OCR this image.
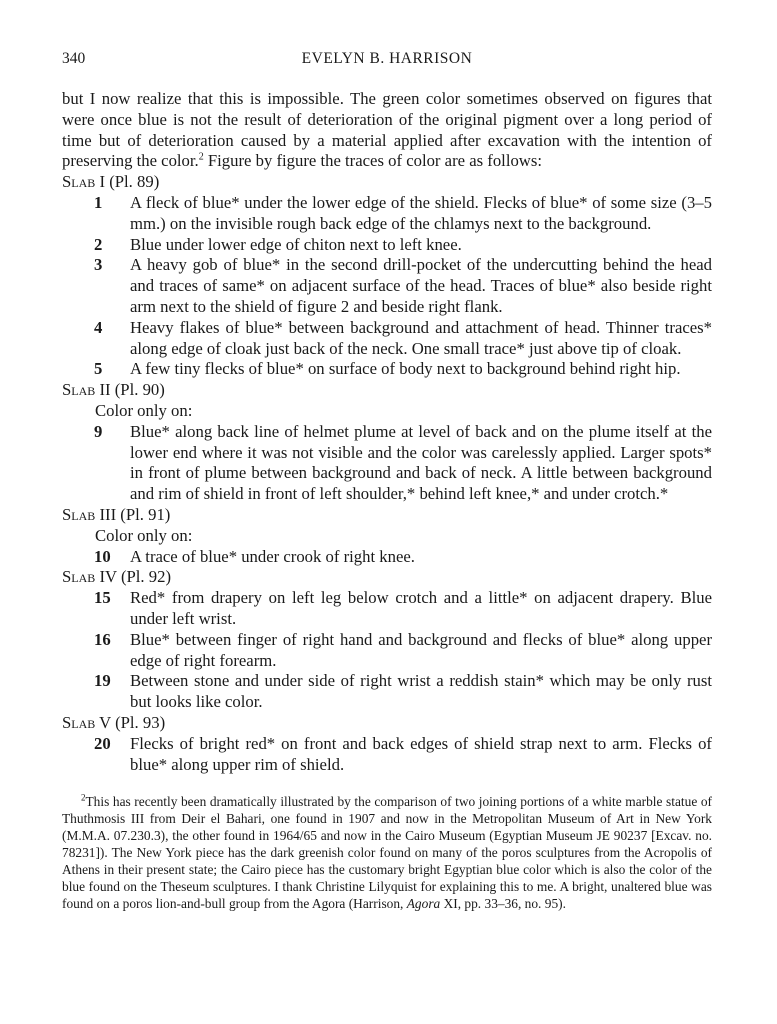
340	EVELYN B. HARRISON

but I now realize that this is impossible. The green color sometimes observed on figures that were once blue is not the result of deterioration of the original pigment over a long period of time but of deterioration caused by a material applied after excavation with the intention of preserving the color.$^2$ Figure by figure the traces of color are as follows:

Slab I (Pl. 89)

1	A fleck of blue* under the lower edge of the shield. Flecks of blue* of some size (3–5 mm.) on the invisible rough back edge of the chlamys next to the background.
2	Blue under lower edge of chiton next to left knee.
3	A heavy gob of blue* in the second drill-pocket of the undercutting behind the head and traces of same* on adjacent surface of the head. Traces of blue* also beside right arm next to the shield of figure 2 and beside right flank.
4	Heavy flakes of blue* between background and attachment of head. Thinner traces* along edge of cloak just back of the neck. One small trace* just above tip of cloak.
5	A few tiny flecks of blue* on surface of body next to background behind right hip.

Slab II (Pl. 90)

Color only on:

9	Blue* along back line of helmet plume at level of back and on the plume itself at the lower end where it was not visible and the color was carelessly applied. Larger spots* in front of plume between background and back of neck. A little between background and rim of shield in front of left shoulder,* behind left knee,* and under crotch.*

Slab III (Pl. 91)

Color only on:

10	A trace of blue* under crook of right knee.

Slab IV (Pl. 92)

15	Red* from drapery on left leg below crotch and a little* on adjacent drapery. Blue under left wrist.
16	Blue* between finger of right hand and background and flecks of blue* along upper edge of right forearm.
19	Between stone and under side of right wrist a reddish stain* which may be only rust but looks like color.

Slab V (Pl. 93)

20	Flecks of bright red* on front and back edges of shield strap next to arm. Flecks of blue* along upper rim of shield.
$^2$This has recently been dramatically illustrated by the comparison of two joining portions of a white marble statue of Thuthmosis III from Deir el Bahari, one found in 1907 and now in the Metropolitan Museum of Art in New York (M.M.A. 07.230.3), the other found in 1964/65 and now in the Cairo Museum (Egyptian Museum JE 90237 [Excav. no. 78231]). The New York piece has the dark greenish color found on many of the poros sculptures from the Acropolis of Athens in their present state; the Cairo piece has the customary bright Egyptian blue color which is also the color of the blue found on the Theseum sculptures. I thank Christine Lilyquist for explaining this to me. A bright, unaltered blue was found on a poros lion-and-bull group from the Agora (Harrison, Agora XI, pp. 33–36, no. 95).
